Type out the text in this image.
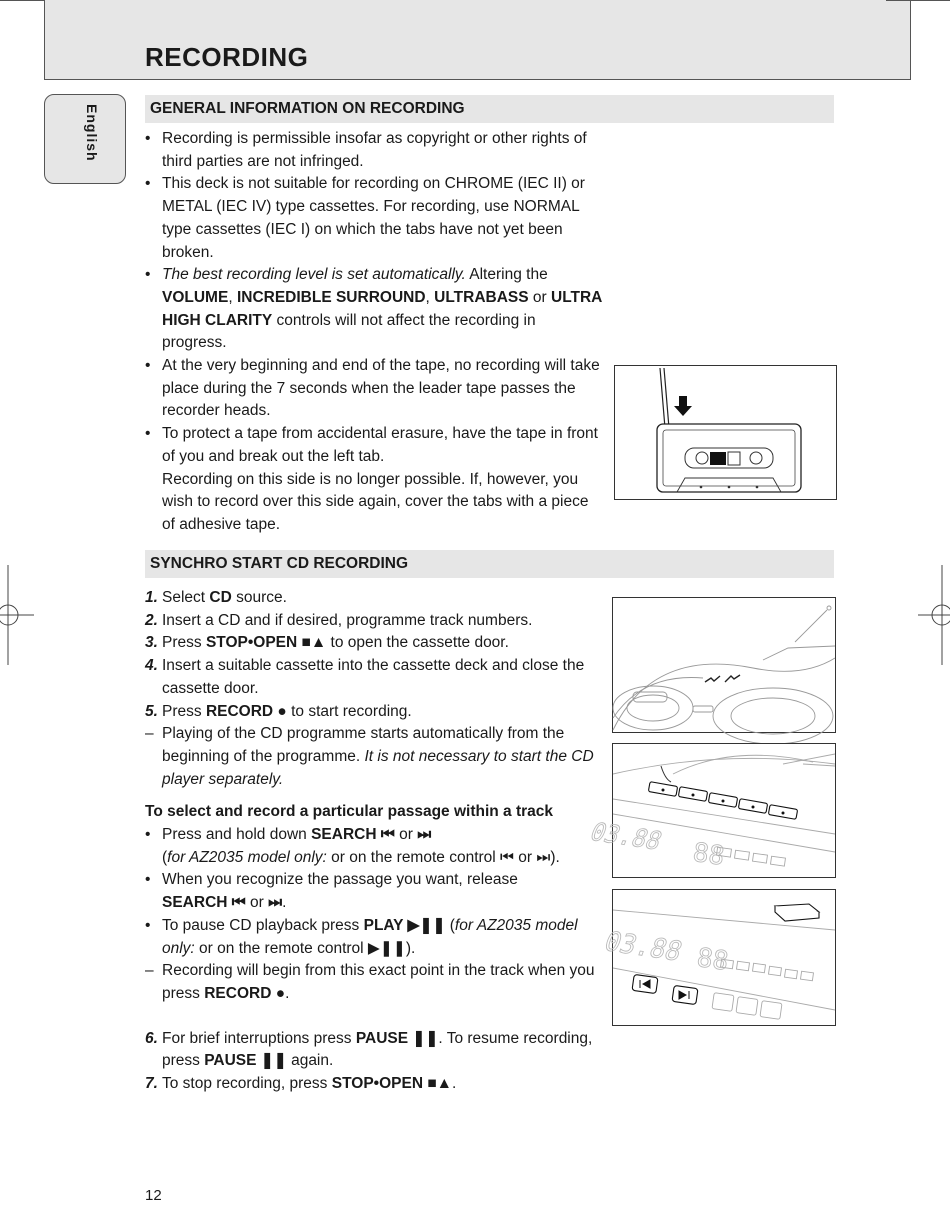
RECORDING
English	GENERAL INFORMATION ON RECORDING

• Recording is permissible insofar as copyright or other rights of third parties are not infringed.

• This deck is not suitable for recording on CHROME (IEC II) or METAL (IEC IV) type cassettes. For recording, use NORMAL type cassettes (IEC I) on which the tabs have not yet been broken.

• The best recording level is set automatically. Altering the VOLUME, INCREDIBLE SURROUND, ULTRABASS or ULTRA HIGH CLARITY controls will not affect the recording in progress.

• At the very beginning and end of the tape, no recording will take place during the 7 seconds when the leader tape passes the recorder heads.

• To protect a tape from accidental erasure, have the tape in front of you and break out the left tab.

Recording on this side is no longer possible. If, however, you wish to record over this side again, cover the tabs with a piece of adhesive tape.

SYNCHRO START CD RECORDING

1. Select CD source.

2. Insert a CD and if desired, programme track numbers.

3. Press STOP•OPEN ■▲ to open the cassette door.

4. Insert a suitable cassette into the cassette deck and close the cassette door.

5. Press RECORD ● to start recording.

– Playing of the CD programme starts automatically from the beginning of the programme. It is not necessary to start the CD player separately.

To select and record a particular passage within a track

• Press and hold down SEARCH ⏮ or ⏭
(for AZ2035 model only: or on the remote control ⏮ or ⏭).

• When you recognize the passage you want, release
SEARCH ⏮ or ⏭.

• To pause CD playback press PLAY ▶❚❚ (for AZ2035 model only: or on the remote control ▶❚❚).

– Recording will begin from this exact point in the track when you press RECORD ●.

6. For brief interruptions press PAUSE ❚❚. To resume recording, press PAUSE ❚❚ again.

7. To stop recording, press STOP•OPEN ■▲.

03.88 88
03.88 88
12
